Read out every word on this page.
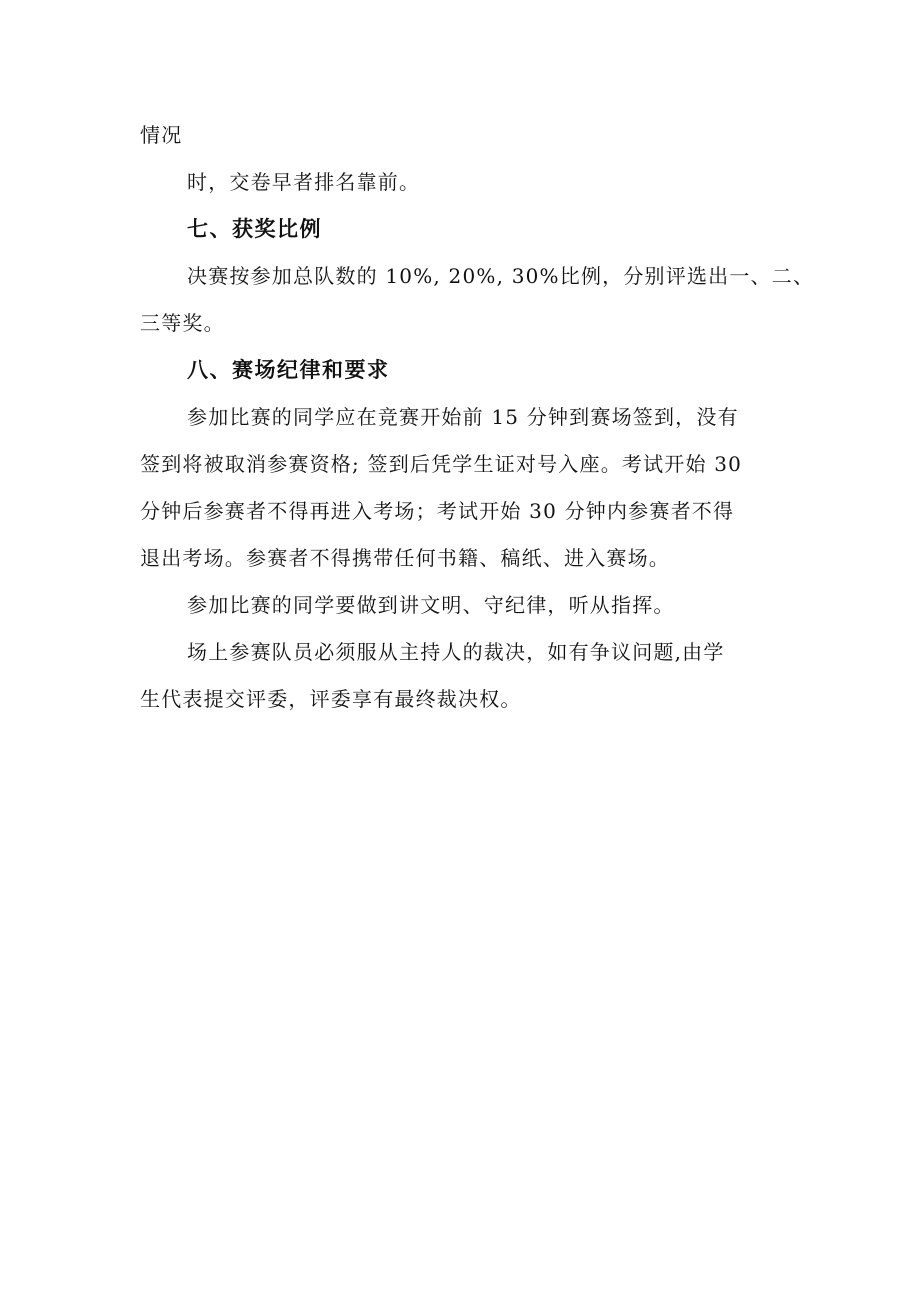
情况
时，交卷早者排名靠前。
七、获奖比例
决赛按参加总队数的 10%, 20%, 30%比例，分别评选出一、二、
三等奖。
八、赛场纪律和要求
参加比赛的同学应在竞赛开始前 15 分钟到赛场签到，没有
签到将被取消参赛资格; 签到后凭学生证对号入座。考试开始 30
分钟后参赛者不得再进入考场；考试开始 30 分钟内参赛者不得
退出考场。参赛者不得携带任何书籍、稿纸、进入赛场。
参加比赛的同学要做到讲文明、守纪律，听从指挥。
场上参赛队员必须服从主持人的裁决，如有争议问题,由学
生代表提交评委，评委享有最终裁决权。
